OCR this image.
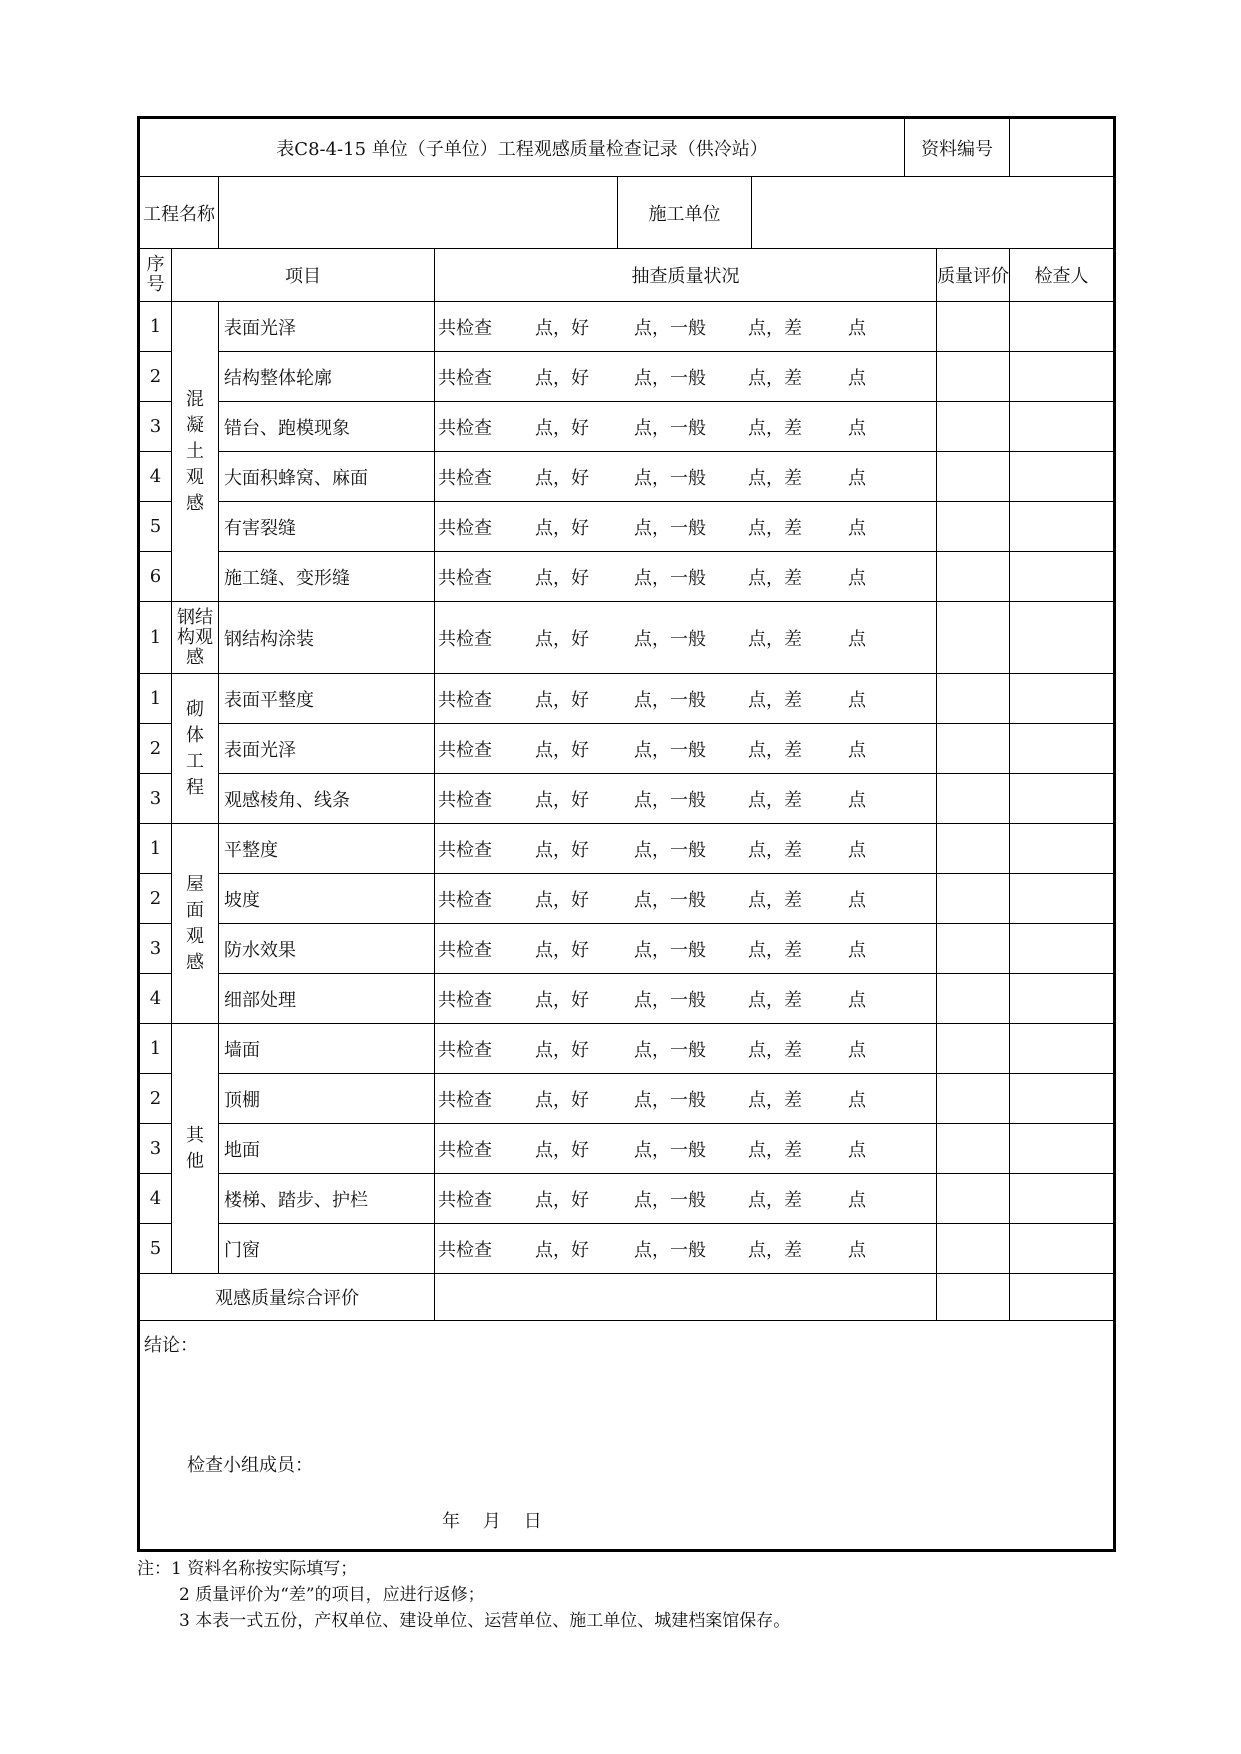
表C8-4-15 单位（子单位）工程观感质量检查记录（供冷站）						资料编号		
工程名称				施工单位				
序号	项目		抽查质量状况				质量评价	检查人
1	混凝土观感	表面光泽	共检查 点，好 点，一般 点，差 点					

2		结构整体轮廓	共检查 点，好 点，一般 点，差 点					

3		错台、跑模现象	共检查 点，好 点，一般 点，差 点					

4		大面积蜂窝、麻面	共检查 点，好 点，一般 点，差 点					

5		有害裂缝	共检查 点，好 点，一般 点，差 点					

6		施工缝、变形缝	共检查 点，好 点，一般 点，差 点					

1	钢结构观感	钢结构涂装	共检查 点，好 点，一般 点，差 点					

1	砌体工程	表面平整度	共检查 点，好 点，一般 点，差 点					

2		表面光泽	共检查 点，好 点，一般 点，差 点					

3		观感棱角、线条	共检查 点，好 点，一般 点，差 点					

1	屋面观感	平整度	共检查 点，好 点，一般 点，差 点					

2		坡度	共检查 点，好 点，一般 点，差 点					

3		防水效果	共检查 点，好 点，一般 点，差 点					

4		细部处理	共检查 点，好 点，一般 点，差 点					

1	其他	墙面	共检查 点，好 点，一般 点，差 点					

2		顶棚	共检查 点，好 点，一般 点，差 点					

3		地面	共检查 点，好 点，一般 点，差 点					

4		楼梯、踏步、护栏	共检查 点，好 点，一般 点，差 点					

5		门窗	共检查 点，好 点，一般 点，差 点					

观感质量综合评价								

结论：
检查小组成员：
年    月    日								
注：1 资料名称按实际填写；
2 质量评价为“差”的项目，应进行返修；
3 本表一式五份，产权单位、建设单位、运营单位、施工单位、城建档案馆保存。
